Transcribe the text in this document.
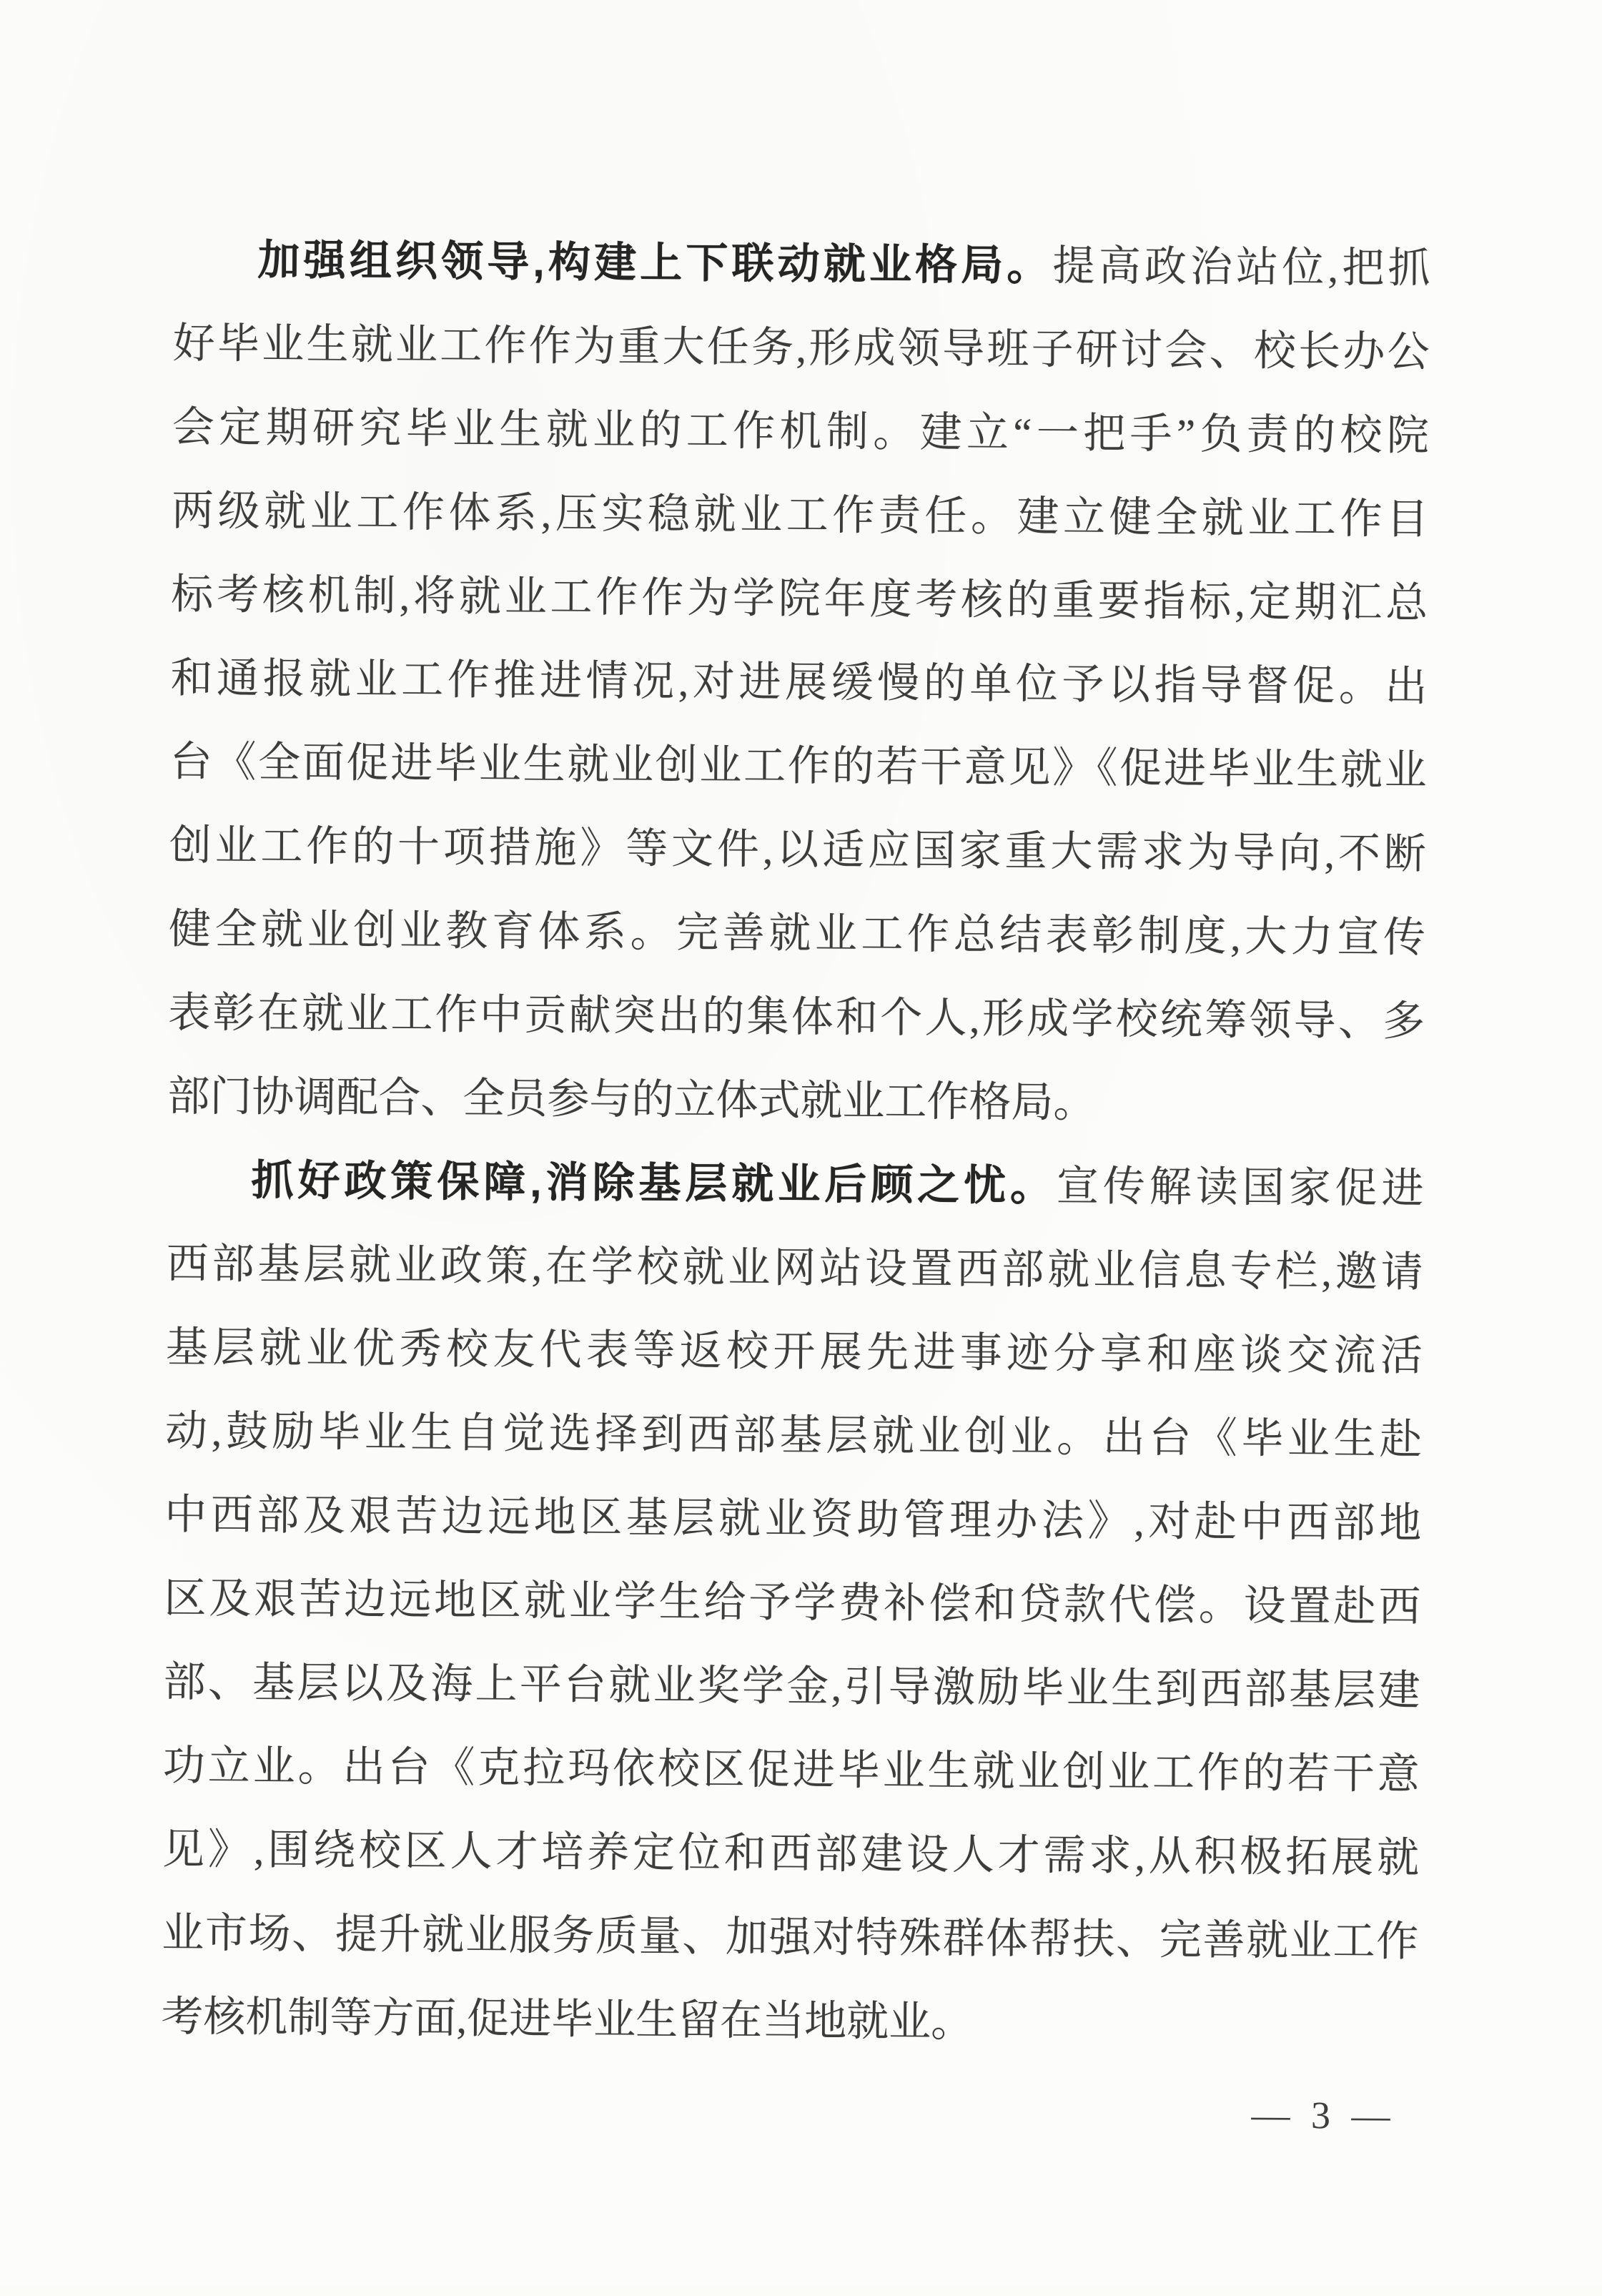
加强组织领导,构建上下联动就业格局。提高政治站位,把抓
好毕业生就业工作作为重大任务,形成领导班子研讨会、校长办公
会定期研究毕业生就业的工作机制。建立“一把手”负责的校院
两级就业工作体系,压实稳就业工作责任。建立健全就业工作目
标考核机制,将就业工作作为学院年度考核的重要指标,定期汇总
和通报就业工作推进情况,对进展缓慢的单位予以指导督促。出
台《全面促进毕业生就业创业工作的若干意见》《促进毕业生就业
创业工作的十项措施》等文件,以适应国家重大需求为导向,不断
健全就业创业教育体系。完善就业工作总结表彰制度,大力宣传
表彰在就业工作中贡献突出的集体和个人,形成学校统筹领导、多
部门协调配合、全员参与的立体式就业工作格局。
抓好政策保障,消除基层就业后顾之忧。宣传解读国家促进
西部基层就业政策,在学校就业网站设置西部就业信息专栏,邀请
基层就业优秀校友代表等返校开展先进事迹分享和座谈交流活
动,鼓励毕业生自觉选择到西部基层就业创业。出台《毕业生赴
中西部及艰苦边远地区基层就业资助管理办法》,对赴中西部地
区及艰苦边远地区就业学生给予学费补偿和贷款代偿。设置赴西
部、基层以及海上平台就业奖学金,引导激励毕业生到西部基层建
功立业。出台《克拉玛依校区促进毕业生就业创业工作的若干意
见》,围绕校区人才培养定位和西部建设人才需求,从积极拓展就
业市场、提升就业服务质量、加强对特殊群体帮扶、完善就业工作
考核机制等方面,促进毕业生留在当地就业。
— 3 —
